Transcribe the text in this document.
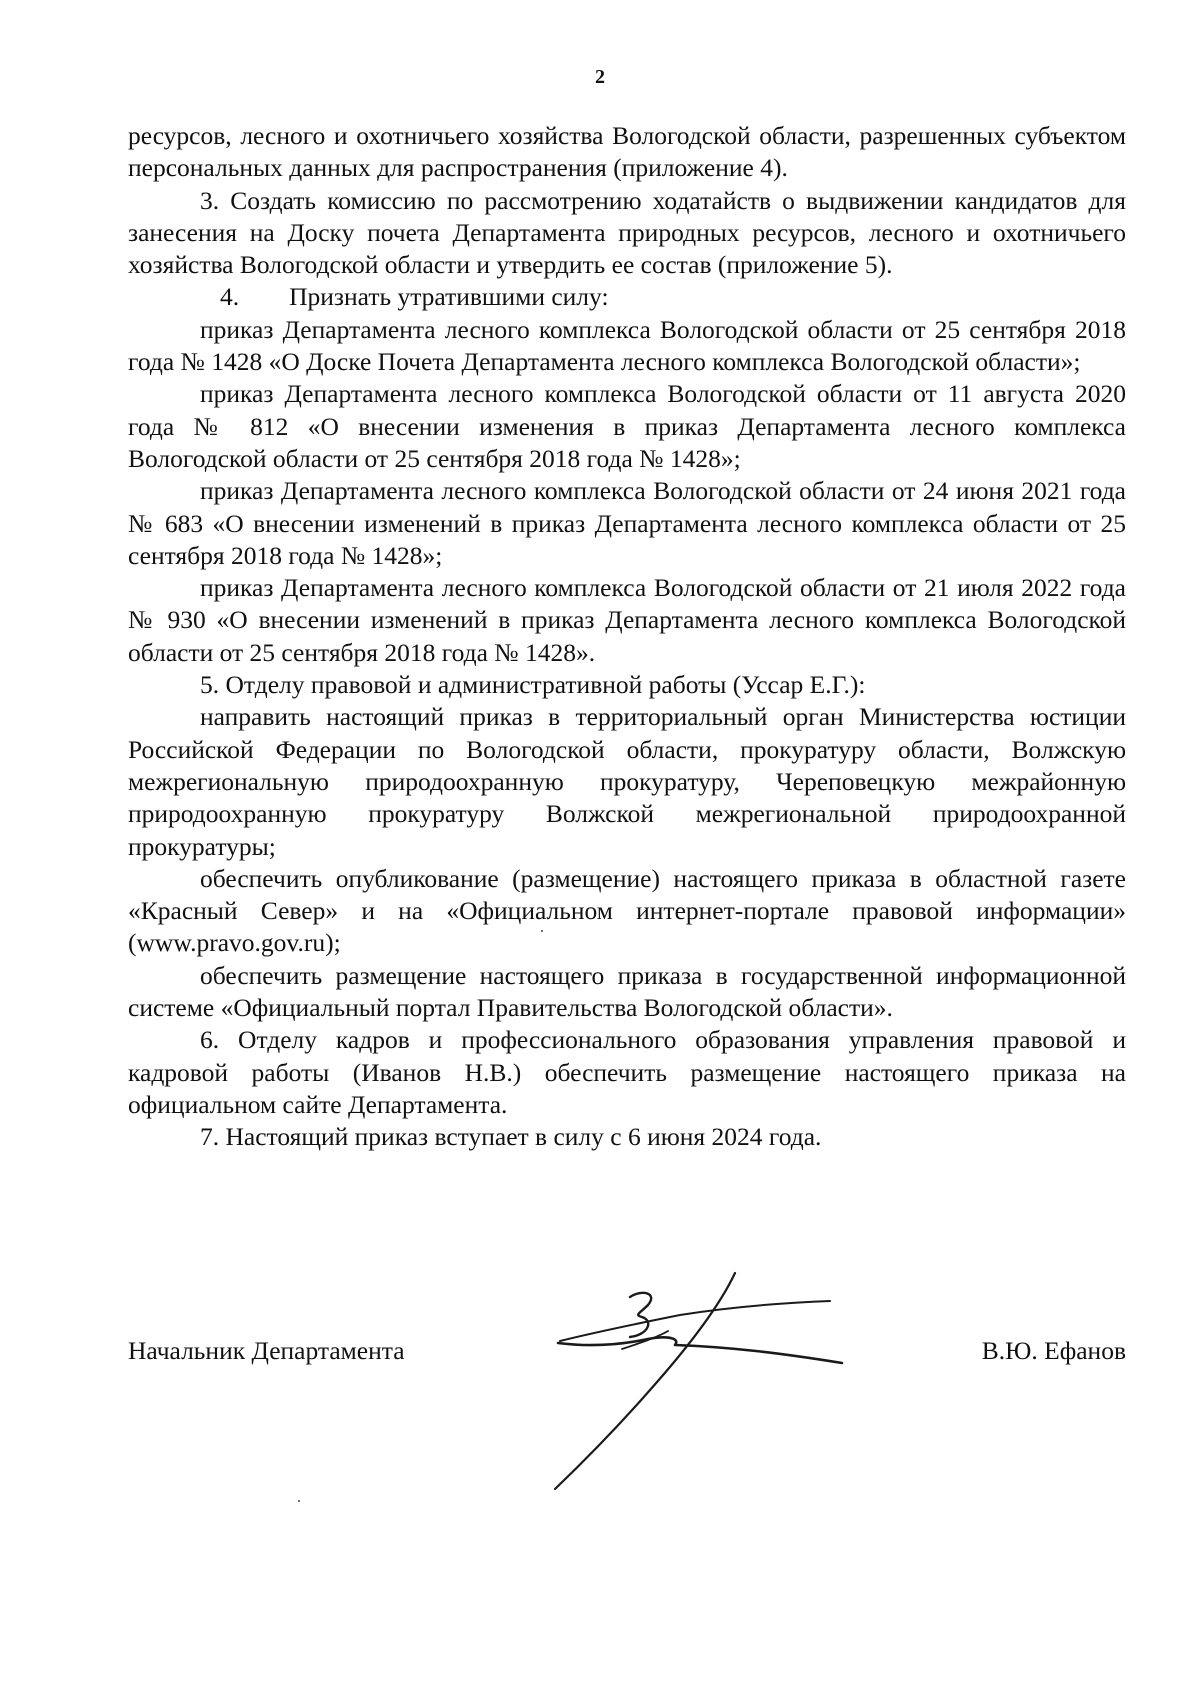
2

ресурсов, лесного и охотничьего хозяйства Вологодской области, разрешенных субъектом персональных данных для распространения (приложение 4).

3. Создать комиссию по рассмотрению ходатайств о выдвижении кандидатов для занесения на Доску почета Департамента природных ресурсов, лесного и охотничьего хозяйства Вологодской области и утвердить ее состав (приложение 5).

4. Признать утратившими силу:

приказ Департамента лесного комплекса Вологодской области от 25 сентября 2018 года № 1428 «О Доске Почета Департамента лесного комплекса Вологодской области»;

приказ Департамента лесного комплекса Вологодской области от 11 августа 2020 года № 812 «О внесении изменения в приказ Департамента лесного комплекса Вологодской области от 25 сентября 2018 года № 1428»;

приказ Департамента лесного комплекса Вологодской области от 24 июня 2021 года № 683 «О внесении изменений в приказ Департамента лесного комплекса области от 25 сентября 2018 года № 1428»;

приказ Департамента лесного комплекса Вологодской области от 21 июля 2022 года № 930 «О внесении изменений в приказ Департамента лесного комплекса Вологодской области от 25 сентября 2018 года № 1428».

5. Отделу правовой и административной работы (Уссар Е.Г.):

направить настоящий приказ в территориальный орган Министерства юстиции Российской Федерации по Вологодской области, прокуратуру области, Волжскую межрегиональную природоохранную прокуратуру, Череповецкую межрайонную природоохранную прокуратуру Волжской межрегиональной природоохранной прокуратуры;

обеспечить опубликование (размещение) настоящего приказа в областной газете «Красный Север» и на «Официальном интернет-портале правовой информации» (www.pravo.gov.ru);

обеспечить размещение настоящего приказа в государственной информационной системе «Официальный портал Правительства Вологодской области».

6. Отделу кадров и профессионального образования управления правовой и кадровой работы (Иванов Н.В.) обеспечить размещение настоящего приказа на официальном сайте Департамента.

7. Настоящий приказ вступает в силу с 6 июня 2024 года.

Начальник Департамента	В.Ю. Ефанов
